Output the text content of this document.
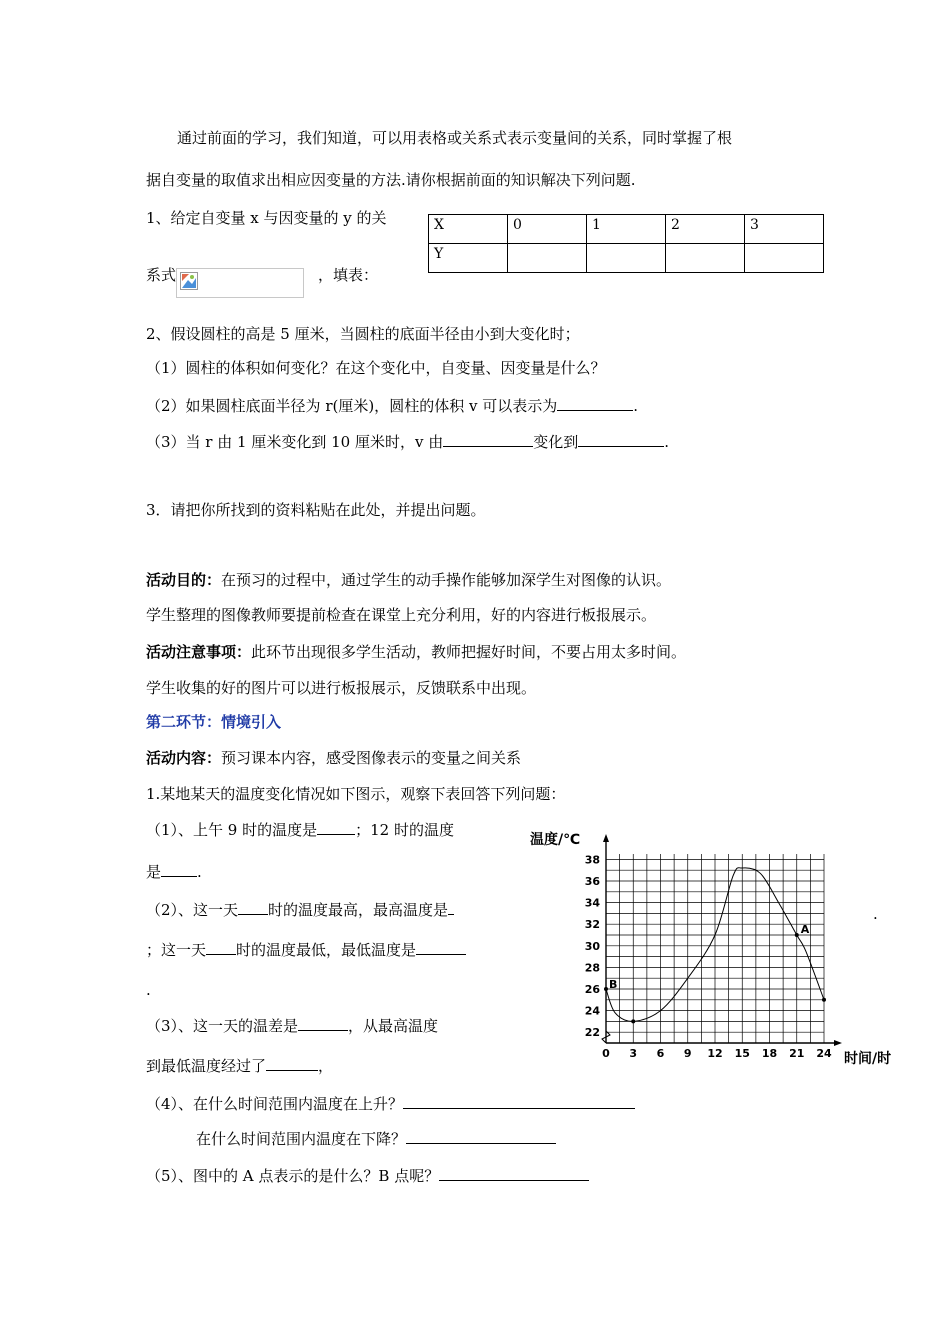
通过前面的学习，我们知道，可以用表格或关系式表示变量间的关系，同时掌握了根
据自变量的取值求出相应因变量的方法.请你根据前面的知识解决下列问题.
1、给定自变量 x 与因变量的 y 的关
系式	，填表：
X	0	1	2	3
Y				
2、假设圆柱的高是 5 厘米，当圆柱的底面半径由小到大变化时；
（1）圆柱的体积如何变化？在这个变化中，自变量、因变量是什么？
（2）如果圆柱底面半径为 r(厘米)，圆柱的体积 v 可以表示为	.
（3）当 r 由 1 厘米变化到 10 厘米时，v 由	变化到	.
3．请把你所找到的资料粘贴在此处，并提出问题。
活动目的：在预习的过程中，通过学生的动手操作能够加深学生对图像的认识。
学生整理的图像教师要提前检查在课堂上充分利用，好的内容进行板报展示。
活动注意事项：此环节出现很多学生活动，教师把握好时间，不要占用太多时间。
学生收集的好的图片可以进行板报展示，反馈联系中出现。
第二环节：情境引入
活动内容：预习课本内容，感受图像表示的变量之间关系
1.某地某天的温度变化情况如下图示，观察下表回答下列问题：
（1）、上午 9 时的温度是	；12 时的温度
是 .
（2）、这一天 时的温度最高，最高温度是
；这一天 时的温度最低，最低温度是
.
（3）、这一天的温差是	，从最高温度
到最低温度经过了	，
（4）、在什么时间范围内温度在上升？
在什么时间范围内温度在下降？
（5）、图中的 A 点表示的是什么？B 点呢？
.
0 3 6 9 12 15 18 21 24
22
24
26
28
30
32
34
36
38
温度/℃
时间/时
B
A
